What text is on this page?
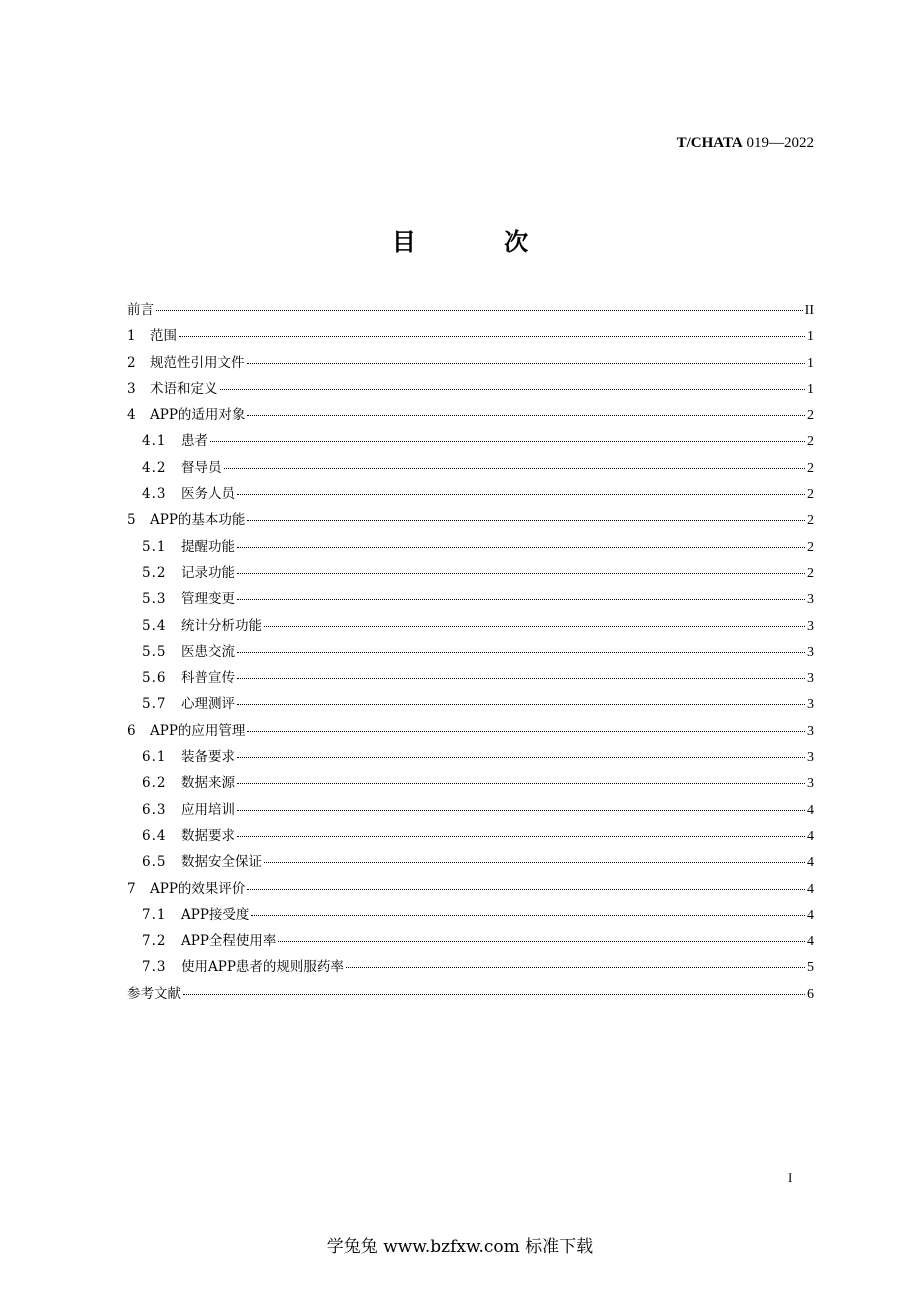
T/CHATA 019—2022
目 次
前言	II
1	范围	1
2	规范性引用文件	1
3	术语和定义	1
4	APP的适用对象	2
4.1	患者	2
4.2	督导员	2
4.3	医务人员	2
5	APP的基本功能	2
5.1	提醒功能	2
5.2	记录功能	2
5.3	管理变更	3
5.4	统计分析功能	3
5.5	医患交流	3
5.6	科普宣传	3
5.7	心理测评	3
6	APP的应用管理	3
6.1	装备要求	3
6.2	数据来源	3
6.3	应用培训	4
6.4	数据要求	4
6.5	数据安全保证	4
7	APP的效果评价	4
7.1	APP接受度	4
7.2	APP全程使用率	4
7.3	使用APP患者的规则服药率	5
参考文献	6
I
学兔兔 www.bzfxw.com 标准下载
